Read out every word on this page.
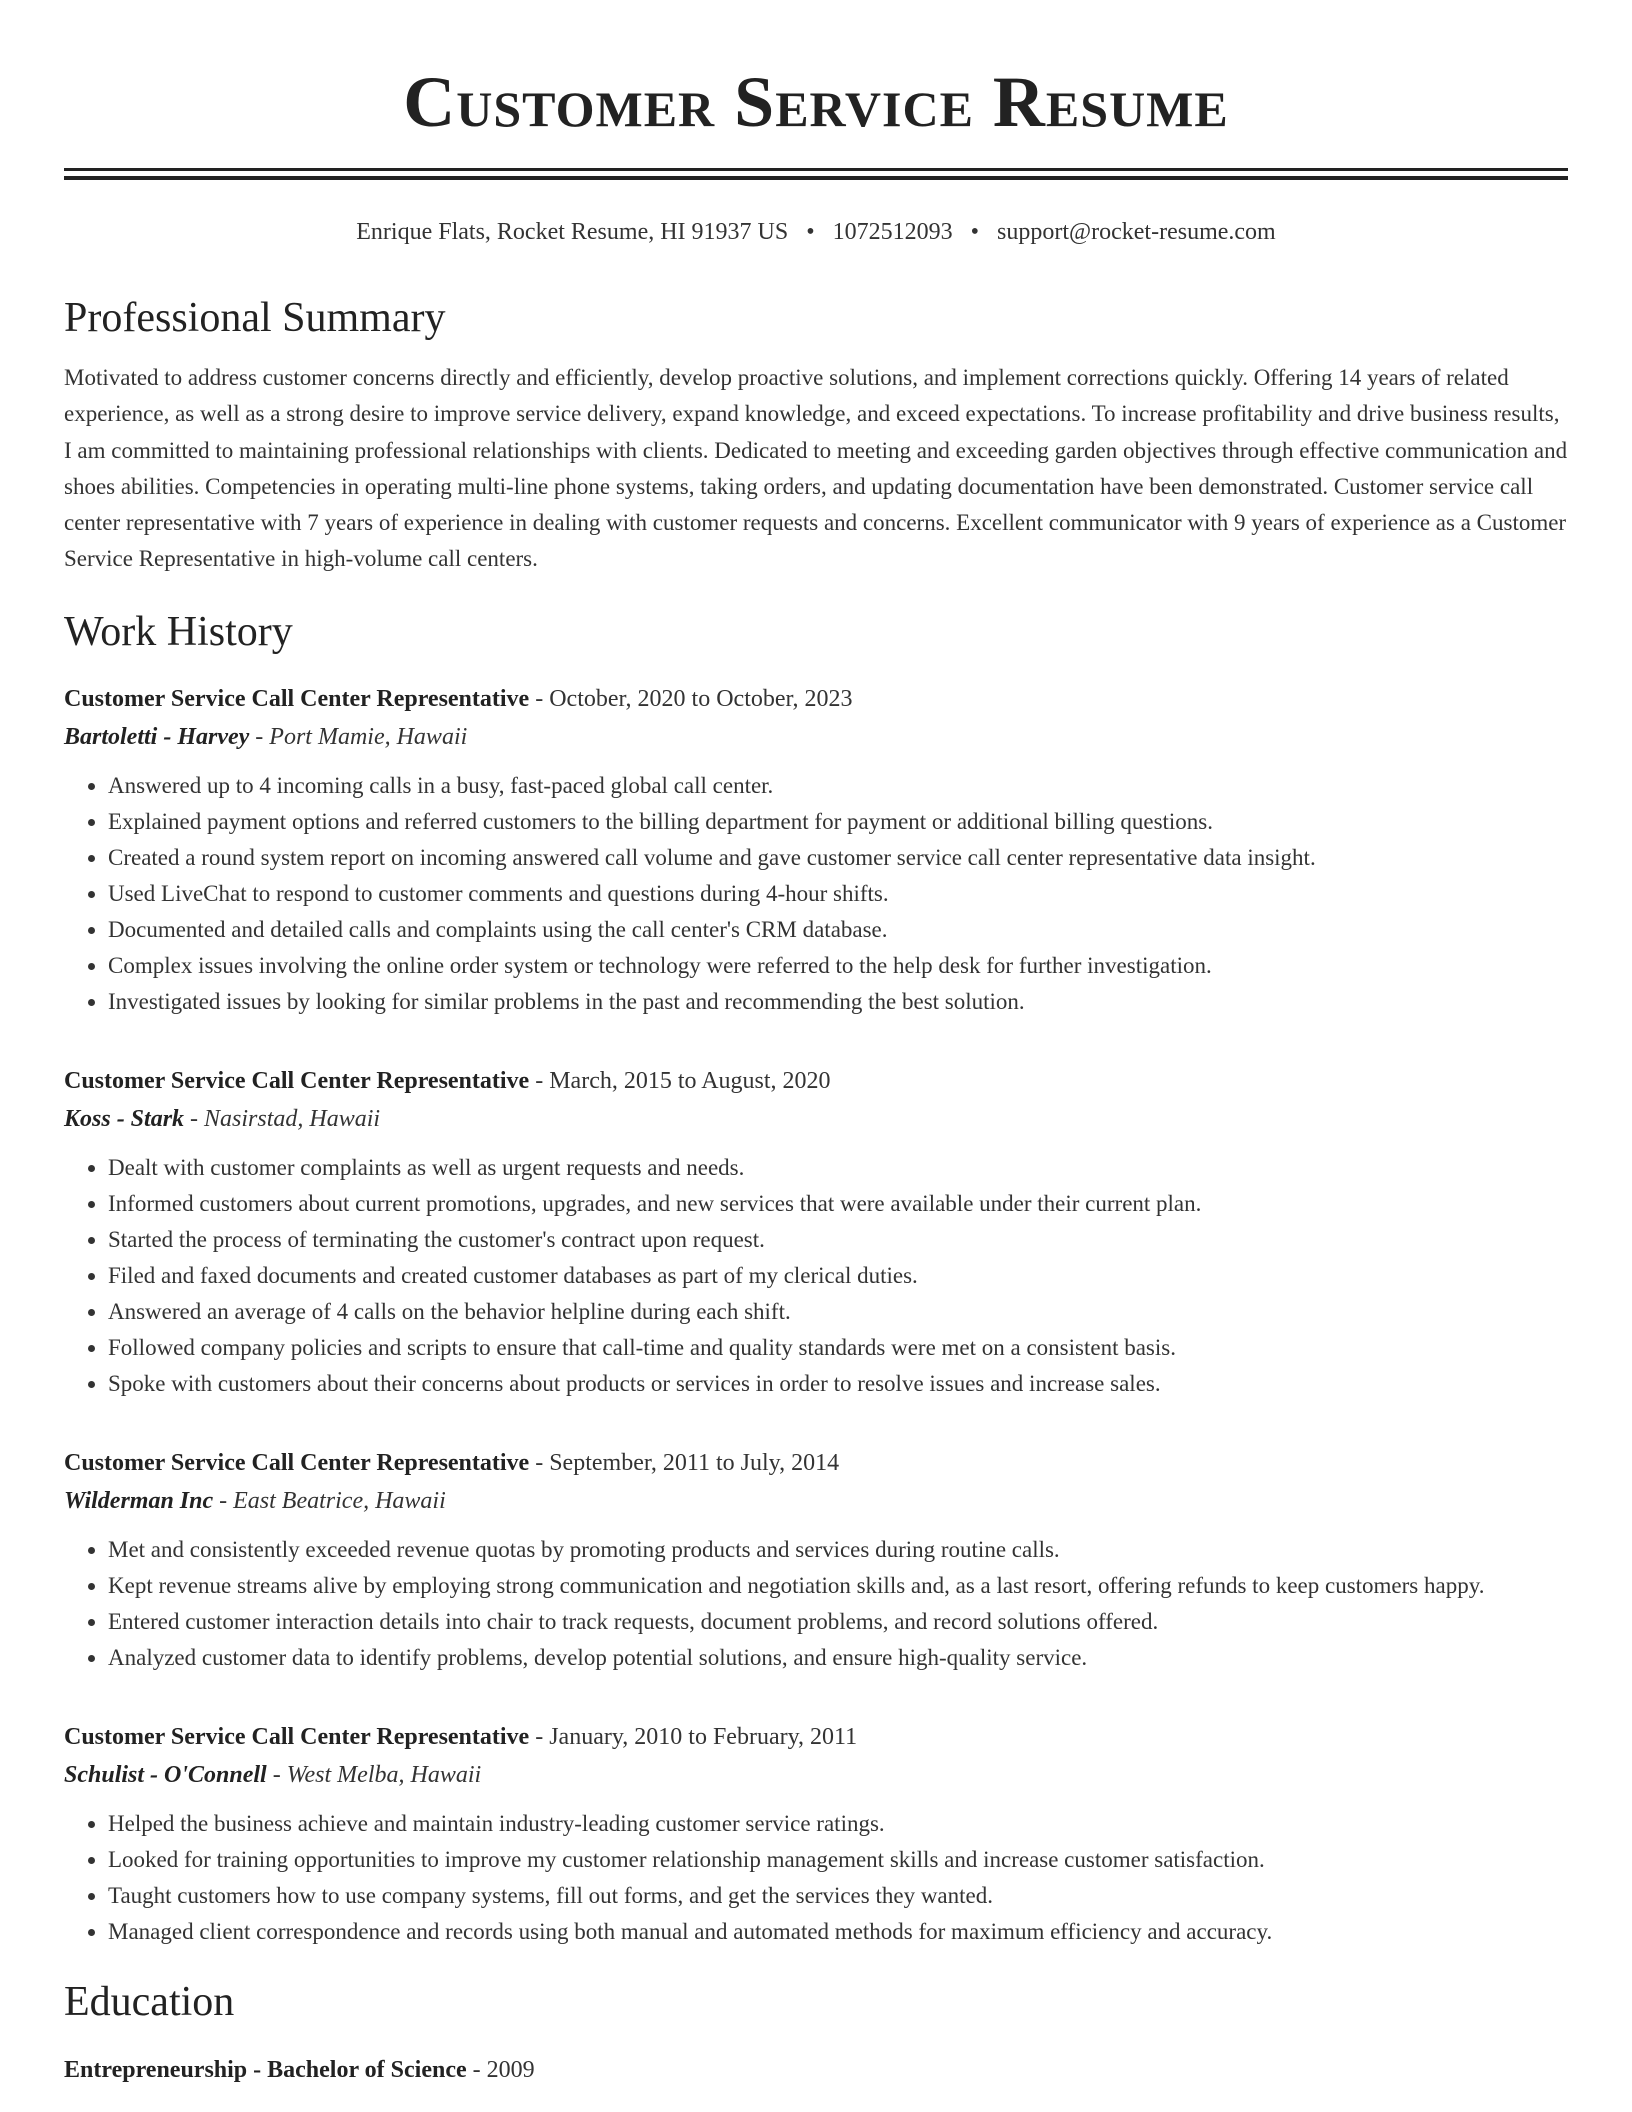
Customer Service Resume
Enrique Flats, Rocket Resume, HI 91937 US • 1072512093 • support@rocket-resume.com
Professional Summary
Motivated to address customer concerns directly and efficiently, develop proactive solutions, and implement corrections quickly. Offering 14 years of related experience, as well as a strong desire to improve service delivery, expand knowledge, and exceed expectations. To increase profitability and drive business results, I am committed to maintaining professional relationships with clients. Dedicated to meeting and exceeding garden objectives through effective communication and shoes abilities. Competencies in operating multi-line phone systems, taking orders, and updating documentation have been demonstrated. Customer service call center representative with 7 years of experience in dealing with customer requests and concerns. Excellent communicator with 9 years of experience as a Customer Service Representative in high-volume call centers.
Work History
Customer Service Call Center Representative - October, 2020 to October, 2023
Bartoletti - Harvey - Port Mamie, Hawaii
• Answered up to 4 incoming calls in a busy, fast-paced global call center.
• Explained payment options and referred customers to the billing department for payment or additional billing questions.
• Created a round system report on incoming answered call volume and gave customer service call center representative data insight.
• Used LiveChat to respond to customer comments and questions during 4-hour shifts.
• Documented and detailed calls and complaints using the call center's CRM database.
• Complex issues involving the online order system or technology were referred to the help desk for further investigation.
• Investigated issues by looking for similar problems in the past and recommending the best solution.
Customer Service Call Center Representative - March, 2015 to August, 2020
Koss - Stark - Nasirstad, Hawaii
• Dealt with customer complaints as well as urgent requests and needs.
• Informed customers about current promotions, upgrades, and new services that were available under their current plan.
• Started the process of terminating the customer's contract upon request.
• Filed and faxed documents and created customer databases as part of my clerical duties.
• Answered an average of 4 calls on the behavior helpline during each shift.
• Followed company policies and scripts to ensure that call-time and quality standards were met on a consistent basis.
• Spoke with customers about their concerns about products or services in order to resolve issues and increase sales.
Customer Service Call Center Representative - September, 2011 to July, 2014
Wilderman Inc - East Beatrice, Hawaii
• Met and consistently exceeded revenue quotas by promoting products and services during routine calls.
• Kept revenue streams alive by employing strong communication and negotiation skills and, as a last resort, offering refunds to keep customers happy.
• Entered customer interaction details into chair to track requests, document problems, and record solutions offered.
• Analyzed customer data to identify problems, develop potential solutions, and ensure high-quality service.
Customer Service Call Center Representative - January, 2010 to February, 2011
Schulist - O'Connell - West Melba, Hawaii
• Helped the business achieve and maintain industry-leading customer service ratings.
• Looked for training opportunities to improve my customer relationship management skills and increase customer satisfaction.
• Taught customers how to use company systems, fill out forms, and get the services they wanted.
• Managed client correspondence and records using both manual and automated methods for maximum efficiency and accuracy.
Education
Entrepreneurship - Bachelor of Science - 2009
